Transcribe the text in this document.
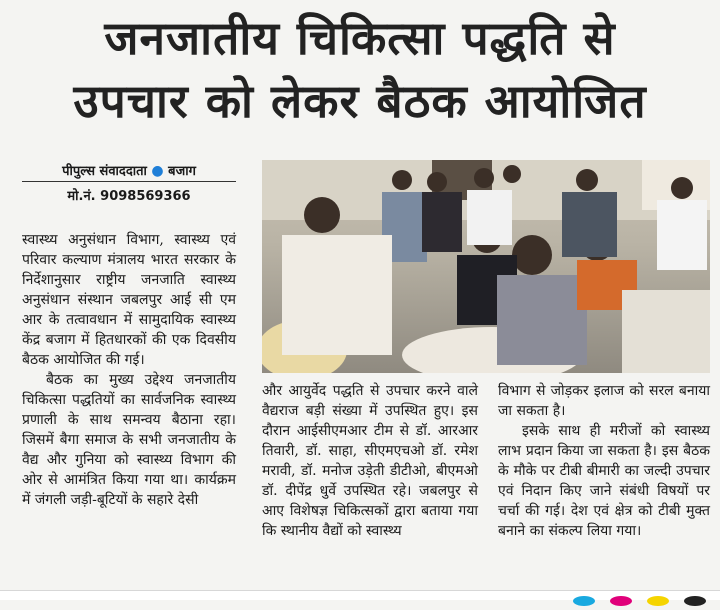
जनजातीय चिकित्सा पद्धति से
उपचार को लेकर बैठक आयोजित
पीपुल्स संवाददाता ● बजाग
मो.नं. 9098569366

स्वास्थ्य अनुसंधान विभाग, स्वास्थ्य एवं परिवार कल्याण मंत्रालय भारत सरकार के निर्देशानुसार राष्ट्रीय जनजाति स्वास्थ्य अनुसंधान संस्थान जबलपुर आई सी एम आर के तत्वावधान में सामुदायिक स्वास्थ्य केंद्र बजाग में हितधारकों की एक दिवसीय बैठक आयोजित की गई।

बैठक का मुख्य उद्देश्य जनजातीय चिकित्सा पद्धतियों का सार्वजनिक स्वास्थ्य प्रणाली के साथ समन्वय बैठाना रहा। जिसमें बैगा समाज के सभी जनजातीय के वैद्य और गुनिया को स्वास्थ्य विभाग की ओर से आमंत्रित किया गया था। कार्यक्रम में जंगली जड़ी-बूटियों के सहारे देसी

और आयुर्वेद पद्धति से उपचार करने वाले वैद्यराज बड़ी संख्या में उपस्थित हुए। इस दौरान आईसीएमआर टीम से डॉ. आरआर तिवारी, डॉ. साहा, सीएमएचओ डॉ. रमेश मरावी, डॉ. मनोज उड़ेती डीटीओ, बीएमओ डॉ. दीपेंद्र धुर्वे उपस्थित रहे। जबलपुर से आए विशेषज्ञ चिकित्सकों द्वारा बताया गया कि स्थानीय वैद्यों को स्वास्थ्य

विभाग से जोड़कर इलाज को सरल बनाया जा सकता है।

इसके साथ ही मरीजों को स्वास्थ्य लाभ प्रदान किया जा सकता है। इस बैठक के मौके पर टीबी बीमारी का जल्दी उपचार एवं निदान किए जाने संबंधी विषयों पर चर्चा की गई। देश एवं क्षेत्र को टीबी मुक्त बनाने का संकल्प लिया गया।
